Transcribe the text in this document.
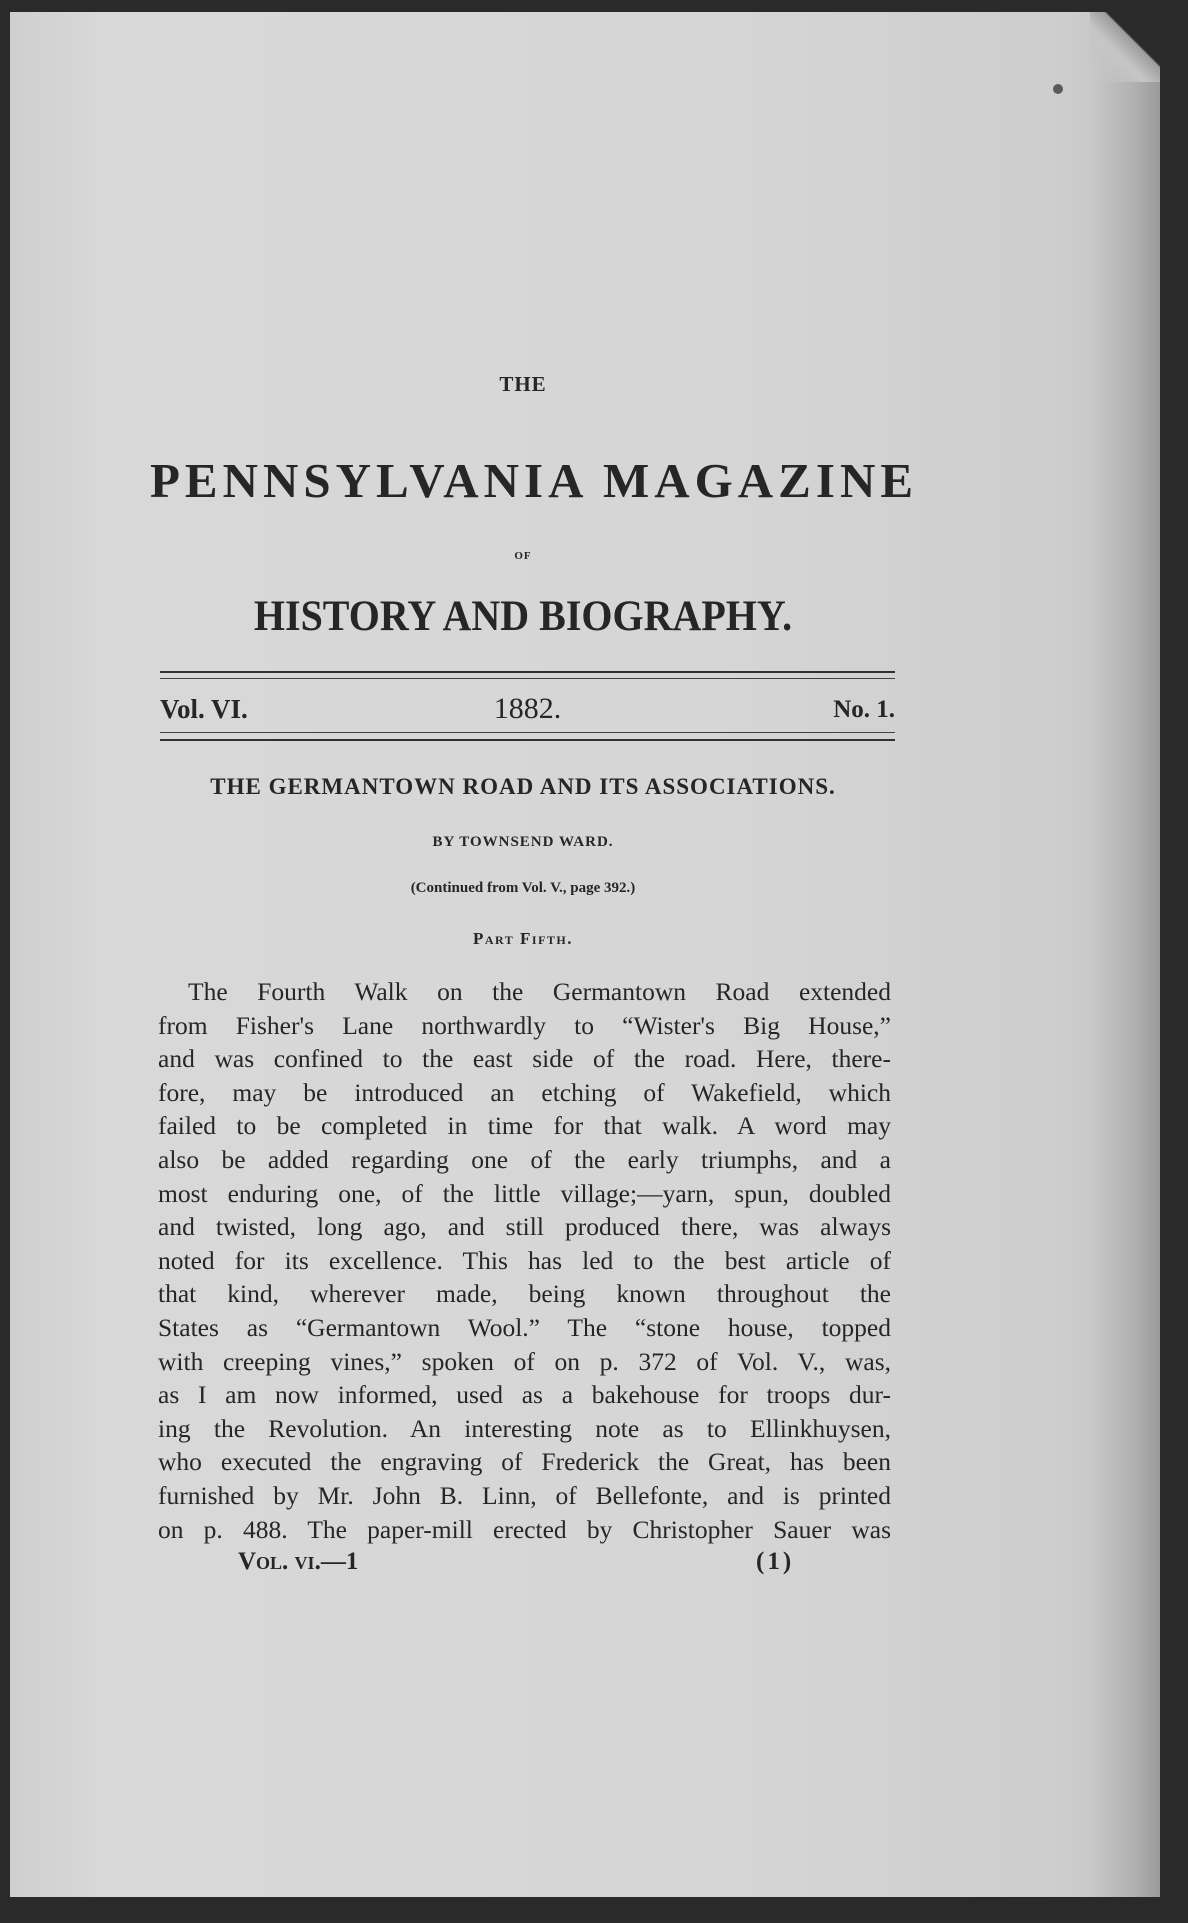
THE
PENNSYLVANIA MAGAZINE
OF
HISTORY AND BIOGRAPHY.
Vol. VI.	1882.	No. 1.
THE GERMANTOWN ROAD AND ITS ASSOCIATIONS.
BY TOWNSEND WARD.
(Continued from Vol. V., page 392.)
Part Fifth.
The Fourth Walk on the Germantown Road extended
from Fisher's Lane northwardly to “Wister's Big House,”
and was confined to the east side of the road. Here, there-
fore, may be introduced an etching of Wakefield, which
failed to be completed in time for that walk. A word may
also be added regarding one of the early triumphs, and a
most enduring one, of the little village;—yarn, spun, doubled
and twisted, long ago, and still produced there, was always
noted for its excellence. This has led to the best article of
that kind, wherever made, being known throughout the
States as “Germantown Wool.” The “stone house, topped
with creeping vines,” spoken of on p. 372 of Vol. V., was,
as I am now informed, used as a bakehouse for troops dur-
ing the Revolution. An interesting note as to Ellinkhuysen,
who executed the engraving of Frederick the Great, has been
furnished by Mr. John B. Linn, of Bellefonte, and is printed
on p. 488. The paper-mill erected by Christopher Sauer was
Vol. vi.—1	(1)
